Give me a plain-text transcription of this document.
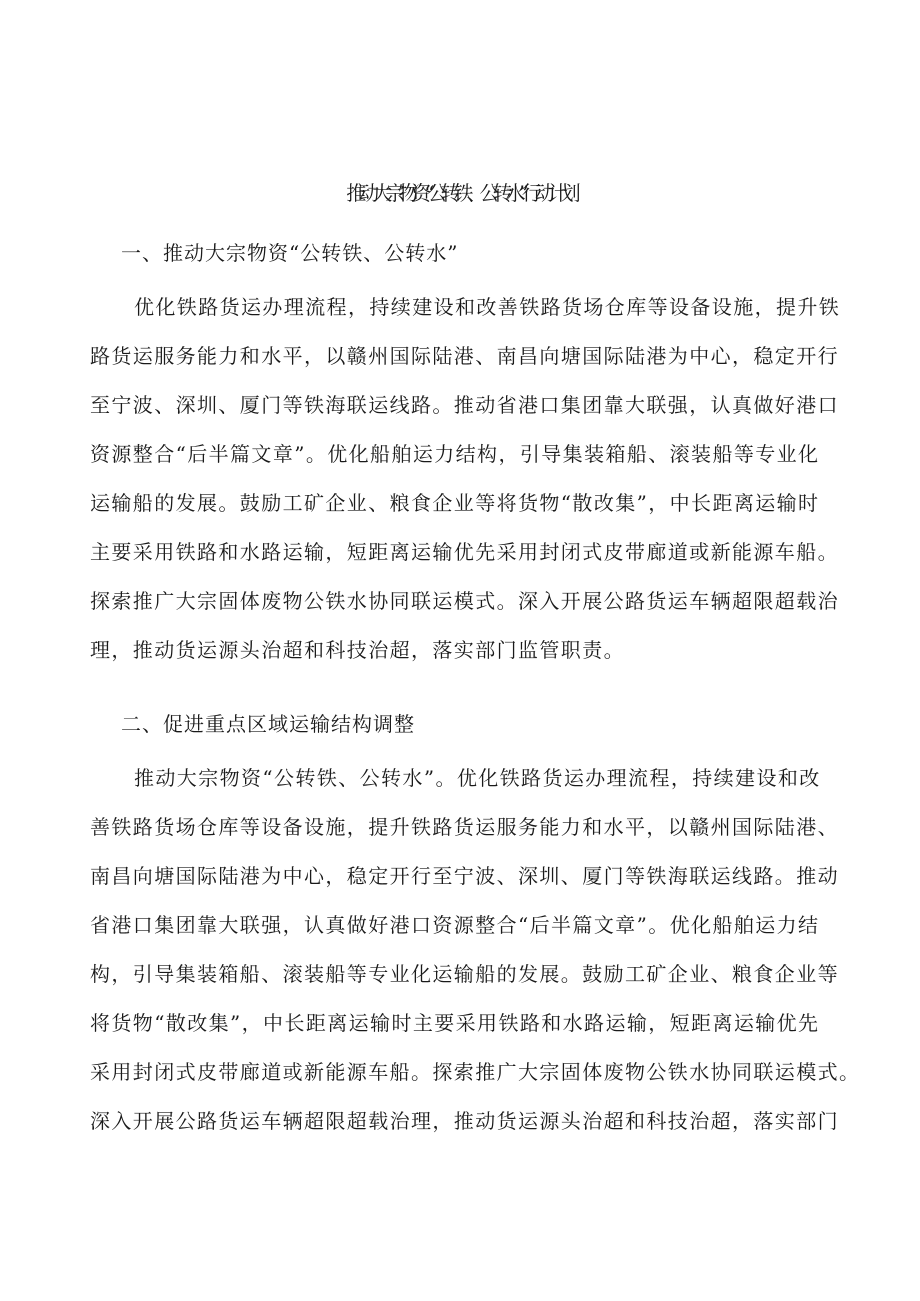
推动大宗物资“公转铁、公转水”行动计划

一、推动大宗物资“公转铁、公转水”

优化铁路货运办理流程，持续建设和改善铁路货场仓库等设备设施，提升铁

路货运服务能力和水平，以赣州国际陆港、南昌向塘国际陆港为中心，稳定开行

至宁波、深圳、厦门等铁海联运线路。推动省港口集团靠大联强，认真做好港口

资源整合“后半篇文章”。优化船舶运力结构，引导集装箱船、滚装船等专业化

运输船的发展。鼓励工矿企业、粮食企业等将货物“散改集”，中长距离运输时

主要采用铁路和水路运输，短距离运输优先采用封闭式皮带廊道或新能源车船。

探索推广大宗固体废物公铁水协同联运模式。深入开展公路货运车辆超限超载治

理，推动货运源头治超和科技治超，落实部门监管职责。

二、促进重点区域运输结构调整

推动大宗物资“公转铁、公转水”。优化铁路货运办理流程，持续建设和改

善铁路货场仓库等设备设施，提升铁路货运服务能力和水平，以赣州国际陆港、

南昌向塘国际陆港为中心，稳定开行至宁波、深圳、厦门等铁海联运线路。推动

省港口集团靠大联强，认真做好港口资源整合“后半篇文章”。优化船舶运力结

构，引导集装箱船、滚装船等专业化运输船的发展。鼓励工矿企业、粮食企业等

将货物“散改集”，中长距离运输时主要采用铁路和水路运输，短距离运输优先

采用封闭式皮带廊道或新能源车船。探索推广大宗固体废物公铁水协同联运模式。

深入开展公路货运车辆超限超载治理，推动货运源头治超和科技治超，落实部门
